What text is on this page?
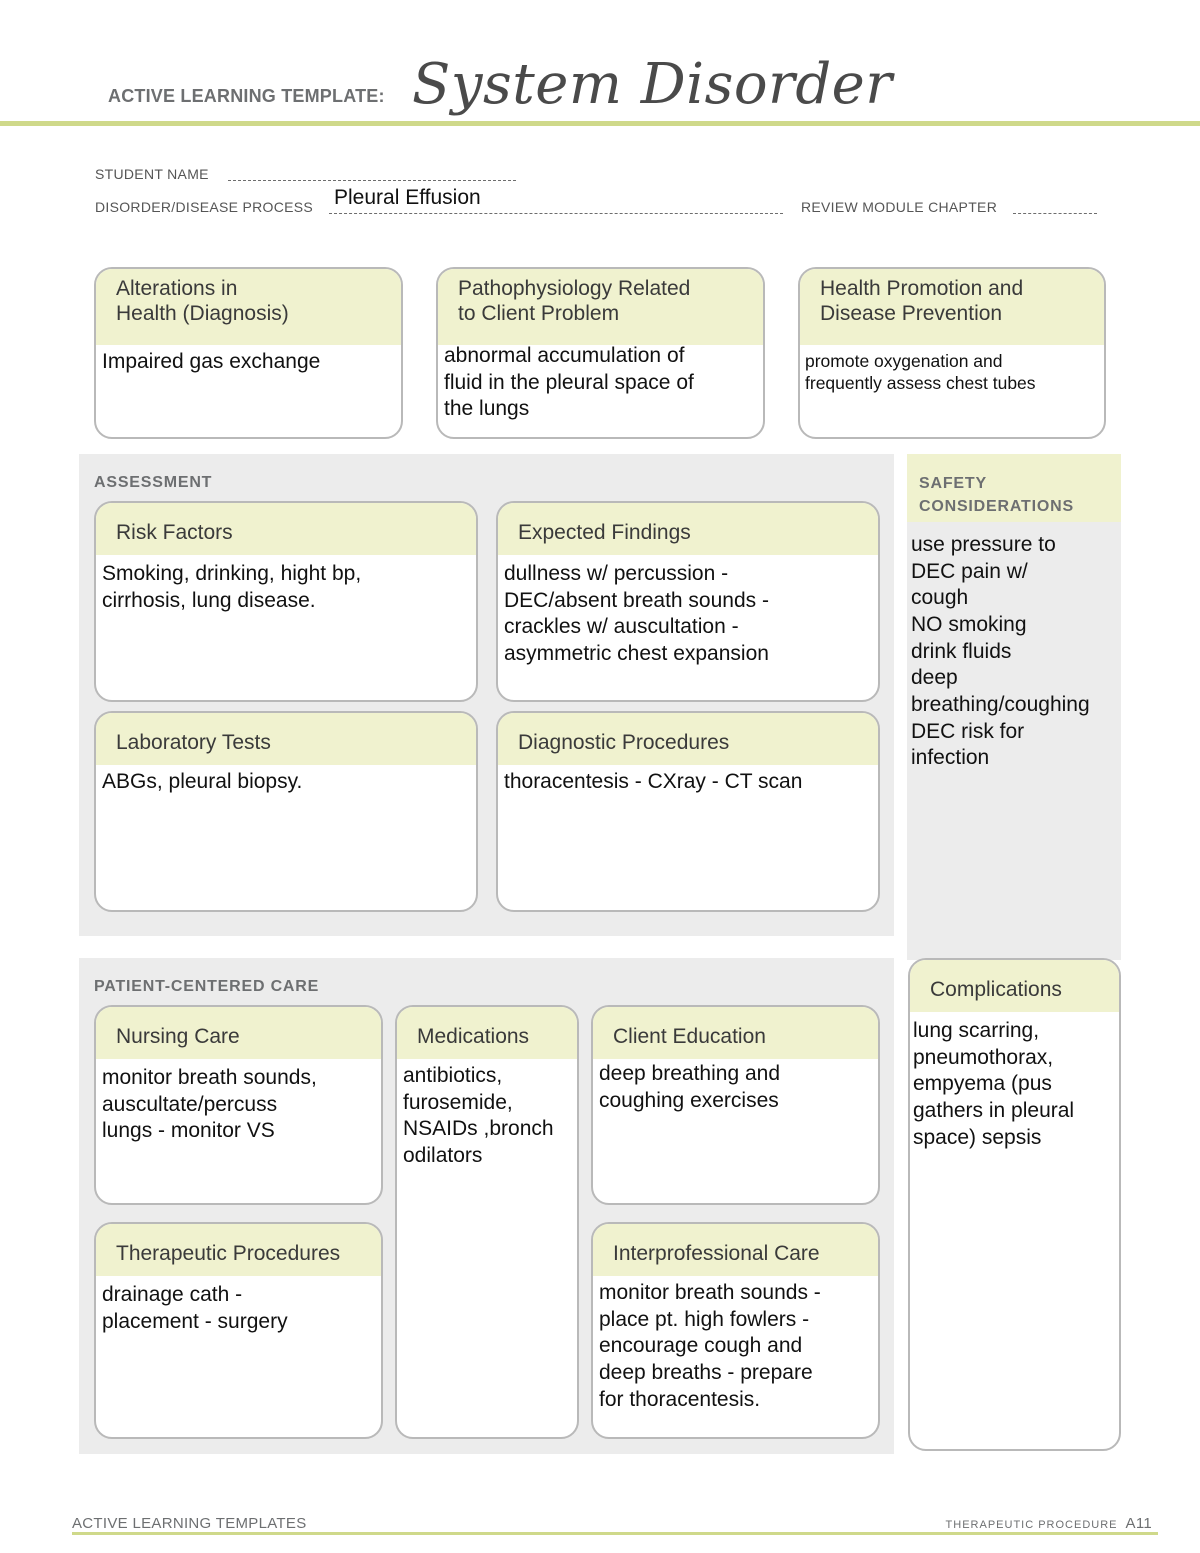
ACTIVE LEARNING TEMPLATE: System Disorder
STUDENT NAME
DISORDER/DISEASE PROCESS Pleural Effusion	REVIEW MODULE CHAPTER
Alterations in
Health (Diagnosis)
Impaired gas exchange
Pathophysiology Related
to Client Problem
abnormal accumulation of
fluid in the pleural space of
the lungs
Health Promotion and
Disease Prevention
promote oxygenation and
frequently assess chest tubes
ASSESSMENT
Risk Factors
Smoking, drinking, hight bp,
cirrhosis, lung disease.
Expected Findings
dullness w/ percussion -
DEC/absent breath sounds -
crackles w/ auscultation -
asymmetric chest expansion
Laboratory Tests
ABGs, pleural biopsy.
Diagnostic Procedures
thoracentesis - CXray - CT scan
SAFETY
CONSIDERATIONS
use pressure to
DEC pain w/
cough
NO smoking
drink fluids
deep
breathing/coughing
DEC risk for
infection
PATIENT-CENTERED CARE
Nursing Care
monitor breath sounds,
auscultate/percuss
lungs - monitor VS
Medications
antibiotics,
furosemide,
NSAIDs ,bronch
odilators
Client Education
deep breathing and
coughing exercises
Therapeutic Procedures
drainage cath -
placement - surgery
Interprofessional Care
monitor breath sounds -
place pt. high fowlers -
encourage cough and
deep breaths - prepare
for thoracentesis.
Complications
lung scarring,
pneumothorax,
empyema (pus
gathers in pleural
space) sepsis
ACTIVE LEARNING TEMPLATES	THERAPEUTIC PROCEDURE A11
